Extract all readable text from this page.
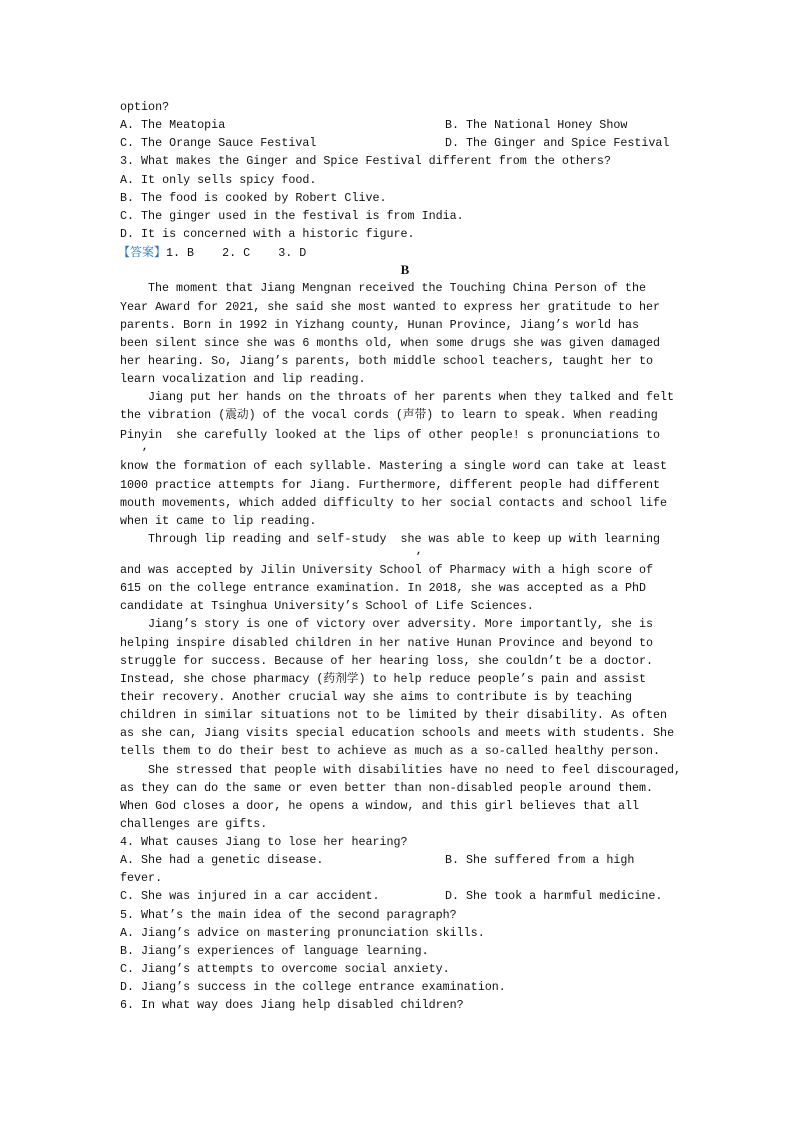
option?
A. The Meatopia	B. The National Honey Show
C. The Orange Sauce Festival	D. The Ginger and Spice Festival
3. What makes the Ginger and Spice Festival different from the others?
A. It only sells spicy food.
B. The food is cooked by Robert Clive.
C. The ginger used in the festival is from India.
D. It is concerned with a historic figure.
【答案】1. B    2. C    3. D
B
The moment that Jiang Mengnan received the Touching China Person of the
Year Award for 2021, she said she most wanted to express her gratitude to her
parents. Born in 1992 in Yizhang county, Hunan Province, Jiang’s world has
been silent since she was 6 months old, when some drugs she was given damaged
her hearing. So, Jiang’s parents, both middle school teachers, taught her to
learn vocalization and lip reading.
Jiang put her hands on the throats of her parents when they talked and felt
the vibration (震动) of the vocal cords (声带) to learn to speak. When reading
Pinyin  she carefully looked at the lips of other people! s pronunciations to
,
know the formation of each syllable. Mastering a single word can take at least
1000 practice attempts for Jiang. Furthermore, different people had different
mouth movements, which added difficulty to her social contacts and school life
when it came to lip reading.
Through lip reading and self-study  she was able to keep up with learning
,
and was accepted by Jilin University School of Pharmacy with a high score of
615 on the college entrance examination. In 2018, she was accepted as a PhD
candidate at Tsinghua University’s School of Life Sciences.
Jiang’s story is one of victory over adversity. More importantly, she is
helping inspire disabled children in her native Hunan Province and beyond to
struggle for success. Because of her hearing loss, she couldn’t be a doctor.
Instead, she chose pharmacy (药剂学) to help reduce people’s pain and assist
their recovery. Another crucial way she aims to contribute is by teaching
children in similar situations not to be limited by their disability. As often
as she can, Jiang visits special education schools and meets with students. She
tells them to do their best to achieve as much as a so-called healthy person.
She stressed that people with disabilities have no need to feel discouraged,
as they can do the same or even better than non-disabled people around them.
When God closes a door, he opens a window, and this girl believes that all
challenges are gifts.
4. What causes Jiang to lose her hearing?
A. She had a genetic disease.	B. She suffered from a high
fever.
C. She was injured in a car accident.	D. She took a harmful medicine.
5. What’s the main idea of the second paragraph?
A. Jiang’s advice on mastering pronunciation skills.
B. Jiang’s experiences of language learning.
C. Jiang’s attempts to overcome social anxiety.
D. Jiang’s success in the college entrance examination.
6. In what way does Jiang help disabled children?
